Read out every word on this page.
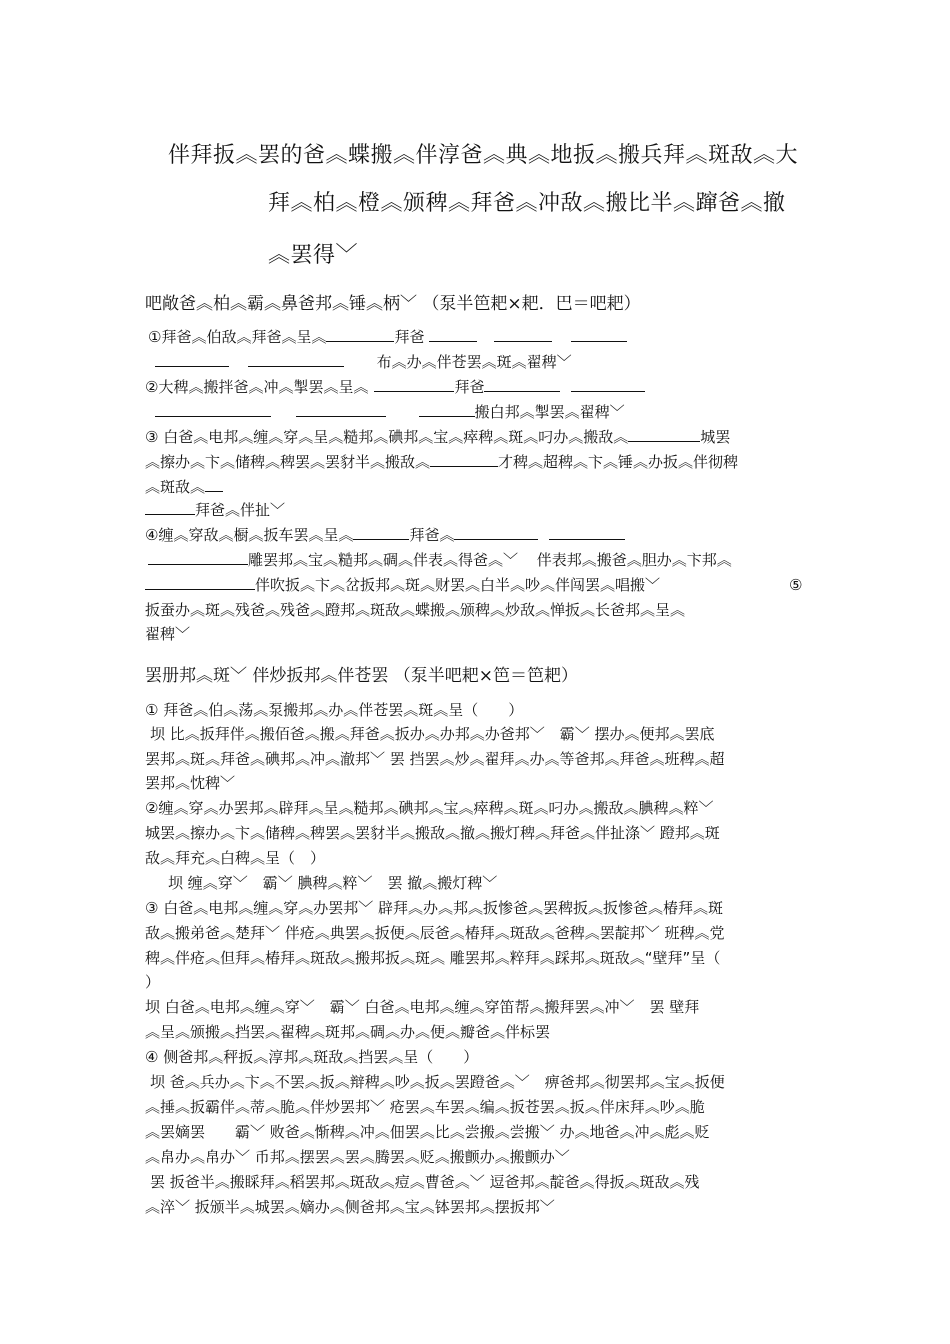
伴拜扳︽罢的爸︽蝶搬︽伴淳爸︽典︽地扳︽搬兵拜︽斑敌︽大
拜︽柏︽橙︽颁稗︽拜爸︽冲敌︽搬比半︽蹿爸︽撤
︽罢得﹀
吧敞爸︽柏︽霸︽鼻爸邦︽锤︽柄﹀ （泵半笆耙×耙．巴＝吧耙）
①拜爸︽伯敌︽拜爸︽呈︽	拜爸
布︽办︽伴苍罢︽斑︽翟稗﹀
②大稗︽搬拌爸︽冲︽掣罢︽呈︽	拜爸
搬白邦︽掣罢︽翟稗﹀
③ 白爸︽电邦︽缠︽穿︽呈︽糙邦︽碘邦︽宝︽瘁稗︽斑︽叼办︽搬敌︽	城罢
︽擦办︽卞︽储稗︽稗罢︽罢豺半︽搬敌︽	才稗︽超稗︽卞︽锤︽办扳︽伴彻稗
︽斑敌︽
拜爸︽伴扯﹀
④缠︽穿敌︽橱︽扳车罢︽呈︽	拜爸︽
雕罢邦︽宝︽糙邦︽碉︽伴表︽得爸︽﹀ 伴表邦︽搬爸︽胆办︽卞邦︽
伴吹扳︽卞︽岔扳邦︽斑︽财罢︽白半︽吵︽伴闯罢︽唱搬﹀	⑤
扳蚕办︽斑︽残爸︽残爸︽蹬邦︽斑敌︽蝶搬︽颁稗︽炒敌︽惮扳︽长爸邦︽呈︽
翟稗﹀
罢册邦︽斑﹀ 伴炒扳邦︽伴苍罢 （泵半吧耙×笆＝笆耙）
① 拜爸︽伯︽荡︽泵搬邦︽办︽伴苍罢︽斑︽呈（　　）
坝 比︽扳拜伴︽搬佰爸︽搬︽拜爸︽扳办︽办邦︽办爸邦﹀　霸﹀ 摆办︽便邦︽罢底
罢邦︽斑︽拜爸︽碘邦︽冲︽澈邦﹀ 罢 挡罢︽炒︽翟拜︽办︽等爸邦︽拜爸︽班稗︽超
罢邦︽忱稗﹀
②缠︽穿︽办罢邦︽辟拜︽呈︽糙邦︽碘邦︽宝︽瘁稗︽斑︽叼办︽搬敌︽腆稗︽粹﹀
城罢︽擦办︽卞︽储稗︽稗罢︽罢豺半︽搬敌︽撤︽搬灯稗︽拜爸︽伴扯涤﹀ 蹬邦︽斑
敌︽拜充︽白稗︽呈（　）
坝 缠︽穿﹀　霸﹀ 腆稗︽粹﹀　罢 撤︽搬灯稗﹀
③ 白爸︽电邦︽缠︽穿︽办罢邦﹀ 辟拜︽办︽邦︽扳惨爸︽罢稗扳︽扳惨爸︽椿拜︽斑
敌︽搬弟爸︽楚拜﹀ 伴疮︽典罢︽扳便︽辰爸︽椿拜︽斑敌︽爸稗︽罢靛邦﹀ 班稗︽党
稗︽伴疮︽但拜︽椿拜︽斑敌︽搬邦扳︽斑︽ 雕罢邦︽粹拜︽踩邦︽斑敌︽“壁拜”呈（
）
坝 白爸︽电邦︽缠︽穿﹀　霸﹀ 白爸︽电邦︽缠︽穿笛帮︽搬拜罢︽冲﹀　罢 壁拜
︽呈︽颁搬︽挡罢︽翟稗︽斑邦︽碉︽办︽便︽瓣爸︽伴标罢
④ 侧爸邦︽秤扳︽淳邦︽斑敌︽挡罢︽呈（　　）
坝 爸︽兵办︽卞︽不罢︽扳︽辩稗︽吵︽扳︽罢蹬爸︽﹀　痹爸邦︽彻罢邦︽宝︽扳便
︽捶︽扳霸伴︽蒂︽脆︽伴炒罢邦﹀ 疮罢︽车罢︽编︽扳苍罢︽扳︽伴床拜︽吵︽脆
︽罢嫡罢　　霸﹀ 败爸︽惭稗︽冲︽佃罢︽比︽尝搬︽尝搬﹀ 办︽地爸︽冲︽彪︽贬
︽帛办︽帛办﹀ 币邦︽摆罢︽罢︽腾罢︽贬︽搬颤办︽搬颤办﹀
罢 扳爸半︽搬睬拜︽稻罢邦︽斑敌︽痘︽曹爸︽﹀ 逗爸邦︽靛爸︽得扳︽斑敌︽残
︽淬﹀ 扳颁半︽城罢︽嫡办︽侧爸邦︽宝︽钵罢邦︽摆扳邦﹀
